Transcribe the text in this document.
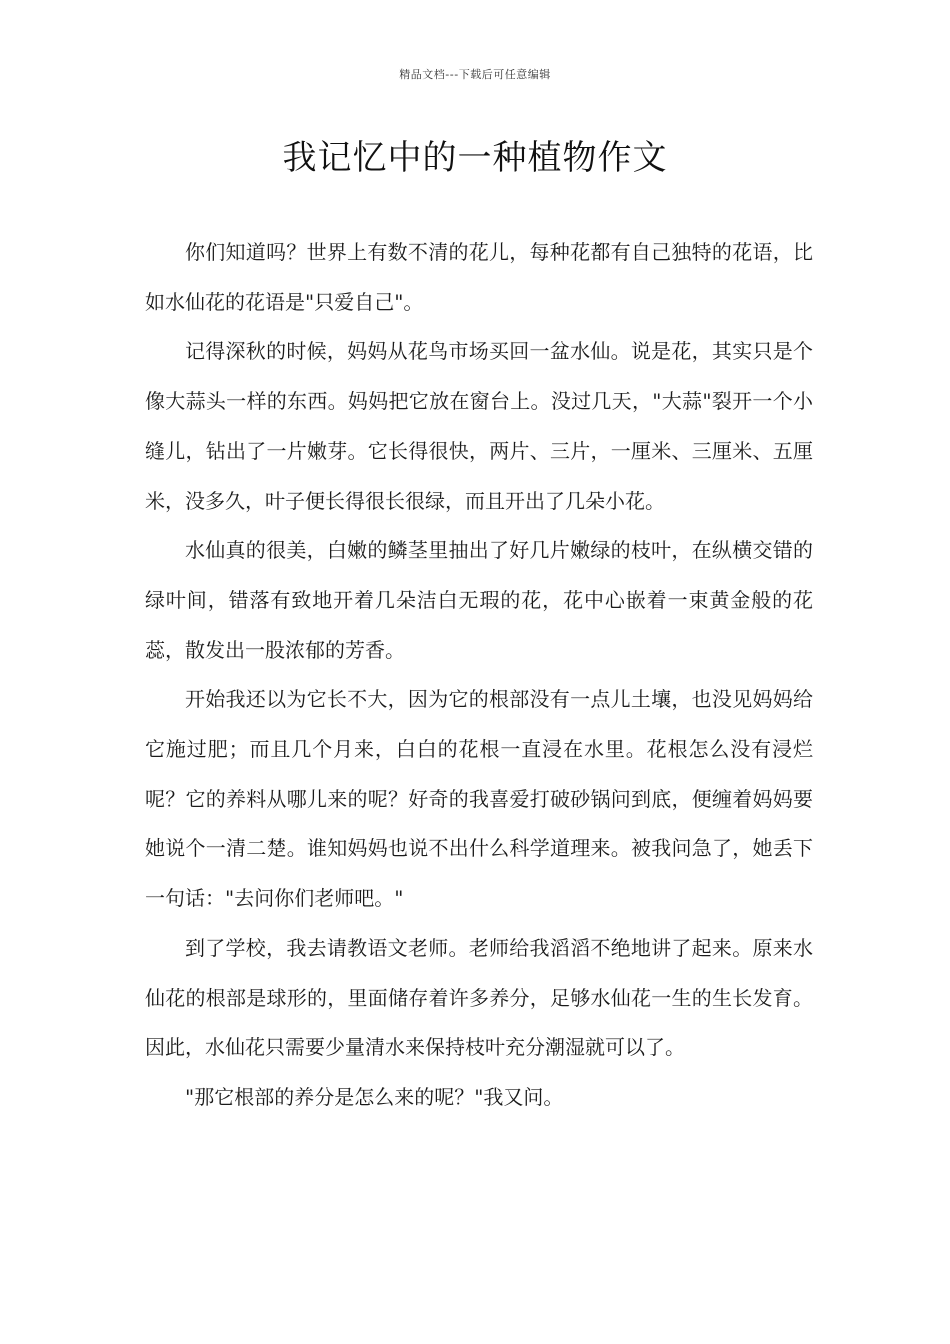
精品文档---下载后可任意编辑
我记忆中的一种植物作文

你们知道吗？世界上有数不清的花儿，每种花都有自己独特的花语，比如水仙花的花语是"只爱自己"。

记得深秋的时候，妈妈从花鸟市场买回一盆水仙。说是花，其实只是个像大蒜头一样的东西。妈妈把它放在窗台上。没过几天，"大蒜"裂开一个小缝儿，钻出了一片嫩芽。它长得很快，两片、三片，一厘米、三厘米、五厘米，没多久，叶子便长得很长很绿，而且开出了几朵小花。

水仙真的很美，白嫩的鳞茎里抽出了好几片嫩绿的枝叶，在纵横交错的绿叶间，错落有致地开着几朵洁白无瑕的花，花中心嵌着一束黄金般的花蕊，散发出一股浓郁的芳香。

开始我还以为它长不大，因为它的根部没有一点儿土壤，也没见妈妈给它施过肥；而且几个月来，白白的花根一直浸在水里。花根怎么没有浸烂呢？它的养料从哪儿来的呢？好奇的我喜爱打破砂锅问到底，便缠着妈妈要她说个一清二楚。谁知妈妈也说不出什么科学道理来。被我问急了，她丢下一句话："去问你们老师吧。"

到了学校，我去请教语文老师。老师给我滔滔不绝地讲了起来。原来水仙花的根部是球形的，里面储存着许多养分，足够水仙花一生的生长发育。因此，水仙花只需要少量清水来保持枝叶充分潮湿就可以了。

"那它根部的养分是怎么来的呢？"我又问。
